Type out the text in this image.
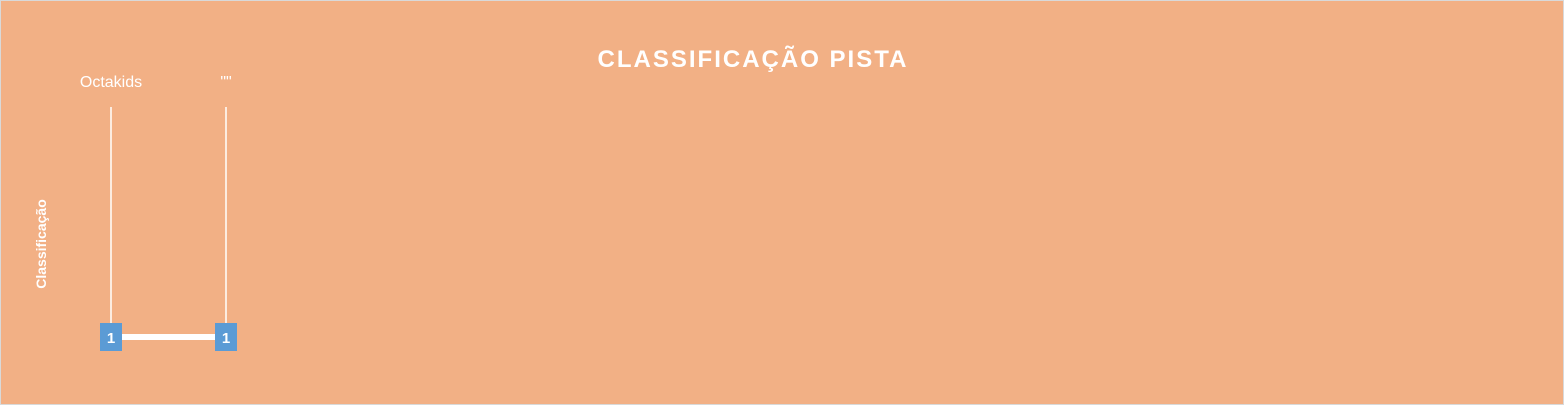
CLASSIFICAÇÃO PISTA
Classificação
Octakids	""
1	1
